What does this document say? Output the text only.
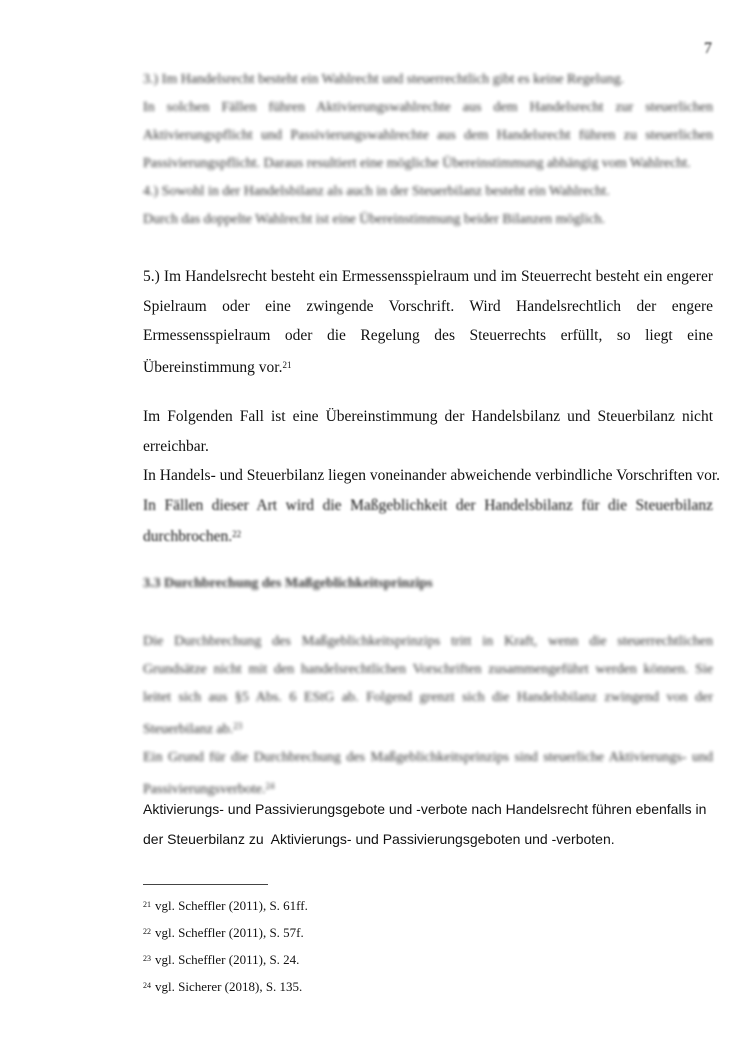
7

3.) Im Handelsrecht besteht ein Wahlrecht und steuerrechtlich gibt es keine Regelung.

In solchen Fällen führen Aktivierungswahlrechte aus dem Handelsrecht zur steuerlichen Aktivierungspflicht und Passivierungswahlrechte aus dem Handelsrecht führen zu steuerlichen Passivierungspflicht. Daraus resultiert eine mögliche Übereinstimmung abhängig vom Wahlrecht.

4.) Sowohl in der Handelsbilanz als auch in der Steuerbilanz besteht ein Wahlrecht.

Durch das doppelte Wahlrecht ist eine Übereinstimmung beider Bilanzen möglich.

5.) Im Handelsrecht besteht ein Ermessensspielraum und im Steuerrecht besteht ein engerer Spielraum oder eine zwingende Vorschrift. Wird Handelsrechtlich der engere Ermessensspielraum oder die Regelung des Steuerrechts erfüllt, so liegt eine Übereinstimmung vor.$^{21}$

Im Folgenden Fall ist eine Übereinstimmung der Handelsbilanz und Steuerbilanz nicht erreichbar.

In Handels- und Steuerbilanz liegen voneinander abweichende verbindliche Vorschriften vor.

In Fällen dieser Art wird die Maßgeblichkeit der Handelsbilanz für die Steuerbilanz durchbrochen.$^{22}$

3.3 Durchbrechung des Maßgeblichkeitsprinzips

Die Durchbrechung des Maßgeblichkeitsprinzips tritt in Kraft, wenn die steuerrechtlichen Grundsätze nicht mit den handelsrechtlichen Vorschriften zusammengeführt werden können. Sie leitet sich aus §5 Abs. 6 EStG ab. Folgend grenzt sich die Handelsbilanz zwingend von der Steuerbilanz ab.$^{23}$

Ein Grund für die Durchbrechung des Maßgeblichkeitsprinzips sind steuerliche Aktivierungs- und Passivierungsverbote.$^{24}$

Aktivierungs- und Passivierungsgebote und -verbote nach Handelsrecht führen ebenfalls in

der Steuerbilanz zu  Aktivierungs- und Passivierungsgeboten und -verboten.

$^{21}$ vgl. Scheffler (2011), S. 61ff.
$^{22}$ vgl. Scheffler (2011), S. 57f.
$^{23}$ vgl. Scheffler (2011), S. 24.
$^{24}$ vgl. Sicherer (2018), S. 135.
